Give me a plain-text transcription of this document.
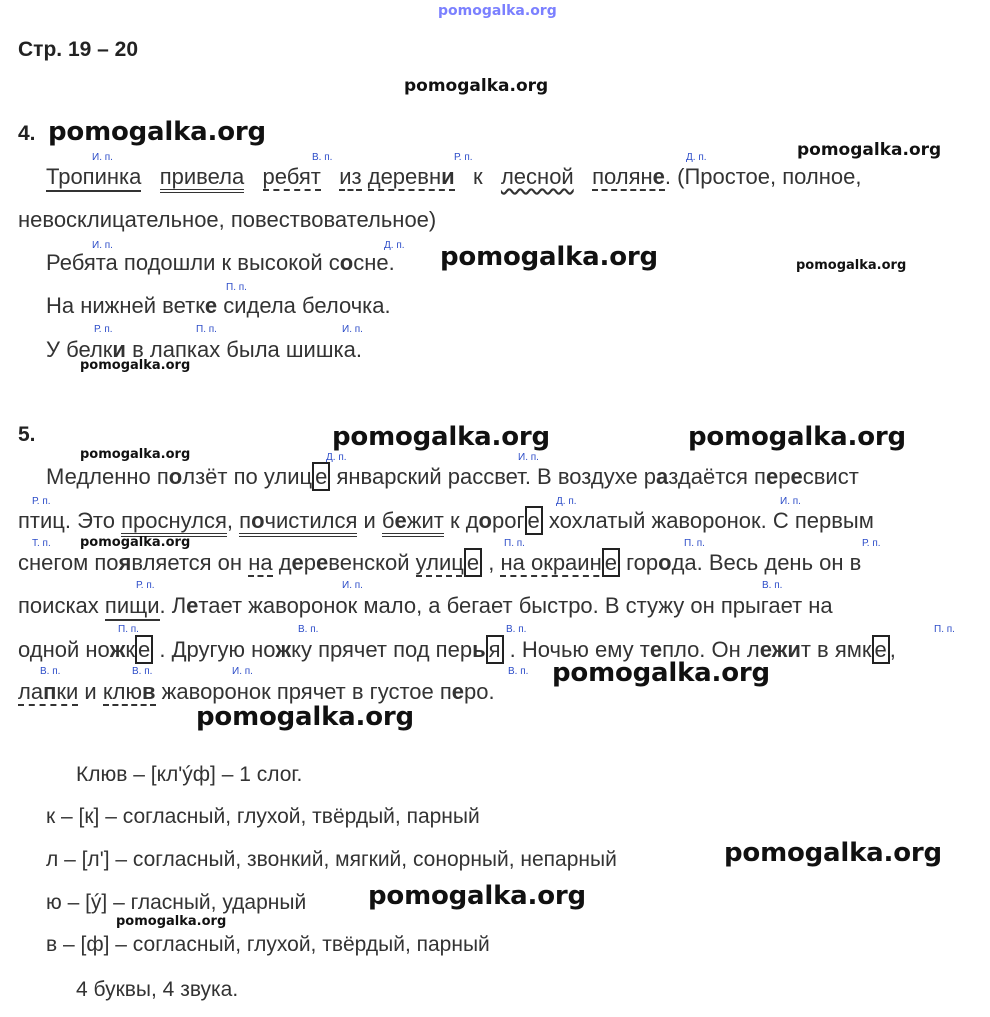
pomogalka.org
Стр. 19 – 20
pomogalka.org
4. pomogalka.org
pomogalka.org
И. п.	В. п.	Р. п.	Д. п.
Тропинка привела ребят из деревни к лесной поляне. (Простое, полное,
невосклицательное, повествовательное)
И. п.	Д. п.
Ребята подошли к высокой сосне. pomogalka.org	pomogalka.org
П. п.
На нижней ветке сидела белочка.
Р. п.	П. п.	И. п.
У белки в лапках была шишка.
pomogalka.org
5.	pomogalka.org	pomogalka.org
pomogalka.org	Д. п.	И. п.
Медленно ползёт по улиц е январский рассвет. В воздухе раздаётся пересвист
Р. п.	Д. п.	И. п.
птиц. Это проснулся, почистился и бежит к дорог е хохлатый жаворонок. С первым
Т. п. pomogalka.org	П. п.	П. п.	Р. п.
снегом появляется он на деревенской улиц е , на окраин е города. Весь день он в
Р. п.	И. п.	В. п.
поисках пищи. Летает жаворонок мало, а бегает быстро. В стужу он прыгает на
П. п.	В. п.	В. п.	П. п.
одной ножк е . Другую ножку прячет под перь я . Ночью ему тепло. Он лежит в ямк е ,
В. п.	В. п.	И. п.	В. п.
лапки и клюв жаворонок прячет в густое перо.
pomogalka.org
pomogalka.org
Клюв – [кл'ýф] – 1 слог.
к – [к] – согласный, глухой, твёрдый, парный
л – [л'] – согласный, звонкий, мягкий, сонорный, непарный	pomogalka.org
ю – [ý] – гласный, ударный pomogalka.org
pomogalka.org
в – [ф] – согласный, глухой, твёрдый, парный
4 буквы, 4 звука.
